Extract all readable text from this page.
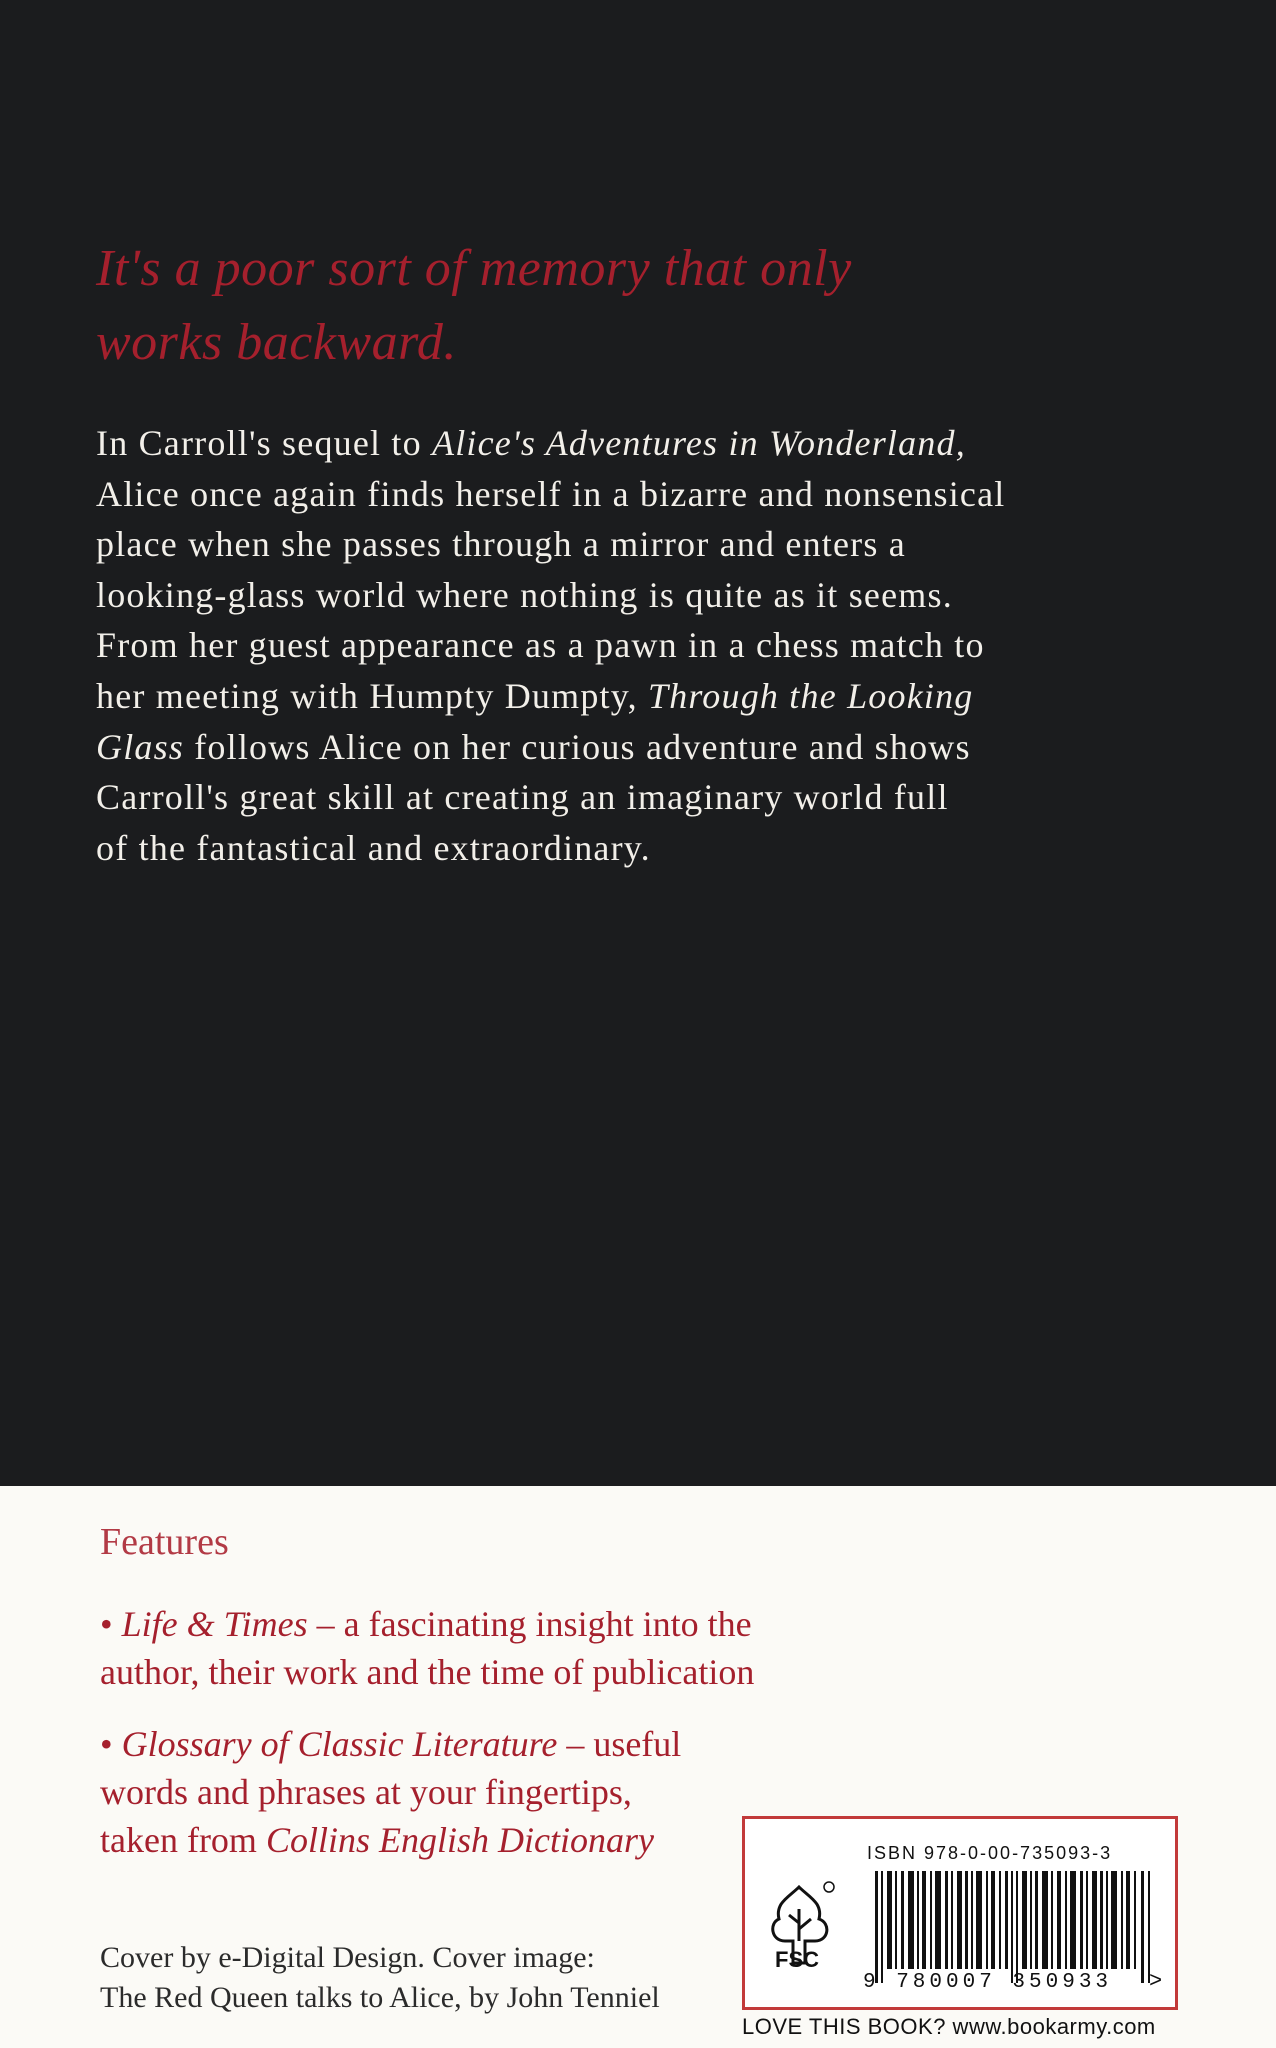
It's a poor sort of memory that only
works backward.
In Carroll's sequel to Alice's Adventures in Wonderland,
Alice once again finds herself in a bizarre and nonsensical
place when she passes through a mirror and enters a
looking-glass world where nothing is quite as it seems.
From her guest appearance as a pawn in a chess match to
her meeting with Humpty Dumpty, Through the Looking
Glass follows Alice on her curious adventure and shows
Carroll's great skill at creating an imaginary world full
of the fantastical and extraordinary.
Features
• Life & Times – a fascinating insight into the
author, their work and the time of publication
• Glossary of Classic Literature – useful
words and phrases at your fingertips,
taken from Collins English Dictionary
Cover by e-Digital Design. Cover image:
The Red Queen talks to Alice, by John Tenniel
ISBN 978-0-00-735093-3
FSC
9 780007 350933 >
LOVE THIS BOOK? www.bookarmy.com
